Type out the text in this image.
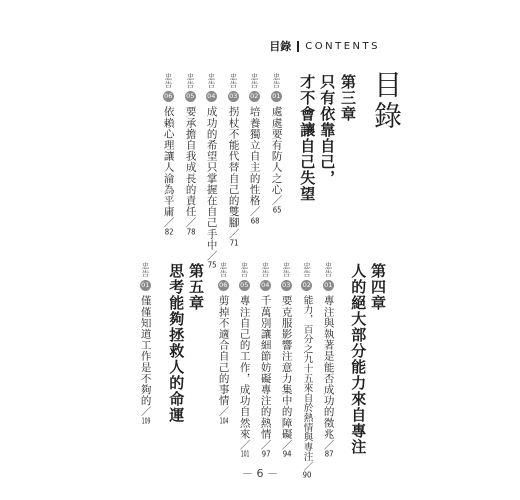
目錄 CONTENTS
目錄
第三章
只有依靠自己，
才不會讓自己失望
忠告
01
處處要有防人之心／65
忠告
02
培養獨立自主的性格／68
忠告
03
拐杖不能代替自己的雙腳／71
忠告
04
成功的希望只掌握在自己手中／75
忠告
05
要承擔自我成長的責任／78
忠告
06
依賴心理讓人淪為平庸／82
第四章
人的絕大部分能力來自專注
忠告
01
專注與執著是能否成功的徵兆／87
忠告
02
能力，百分之九十五來自於熱情與專注／90
忠告
03
要克服影響注意力集中的障礙／94
忠告
04
千萬別讓細節妨礙專注的熱情／97
忠告
05
專注自己的工作，成功自然來／101
忠告
06
剪掉不適合自己的事情／104
第五章
思考能夠拯救人的命運
忠告
01
僅僅知道工作是不夠的／109
－ 6 －
